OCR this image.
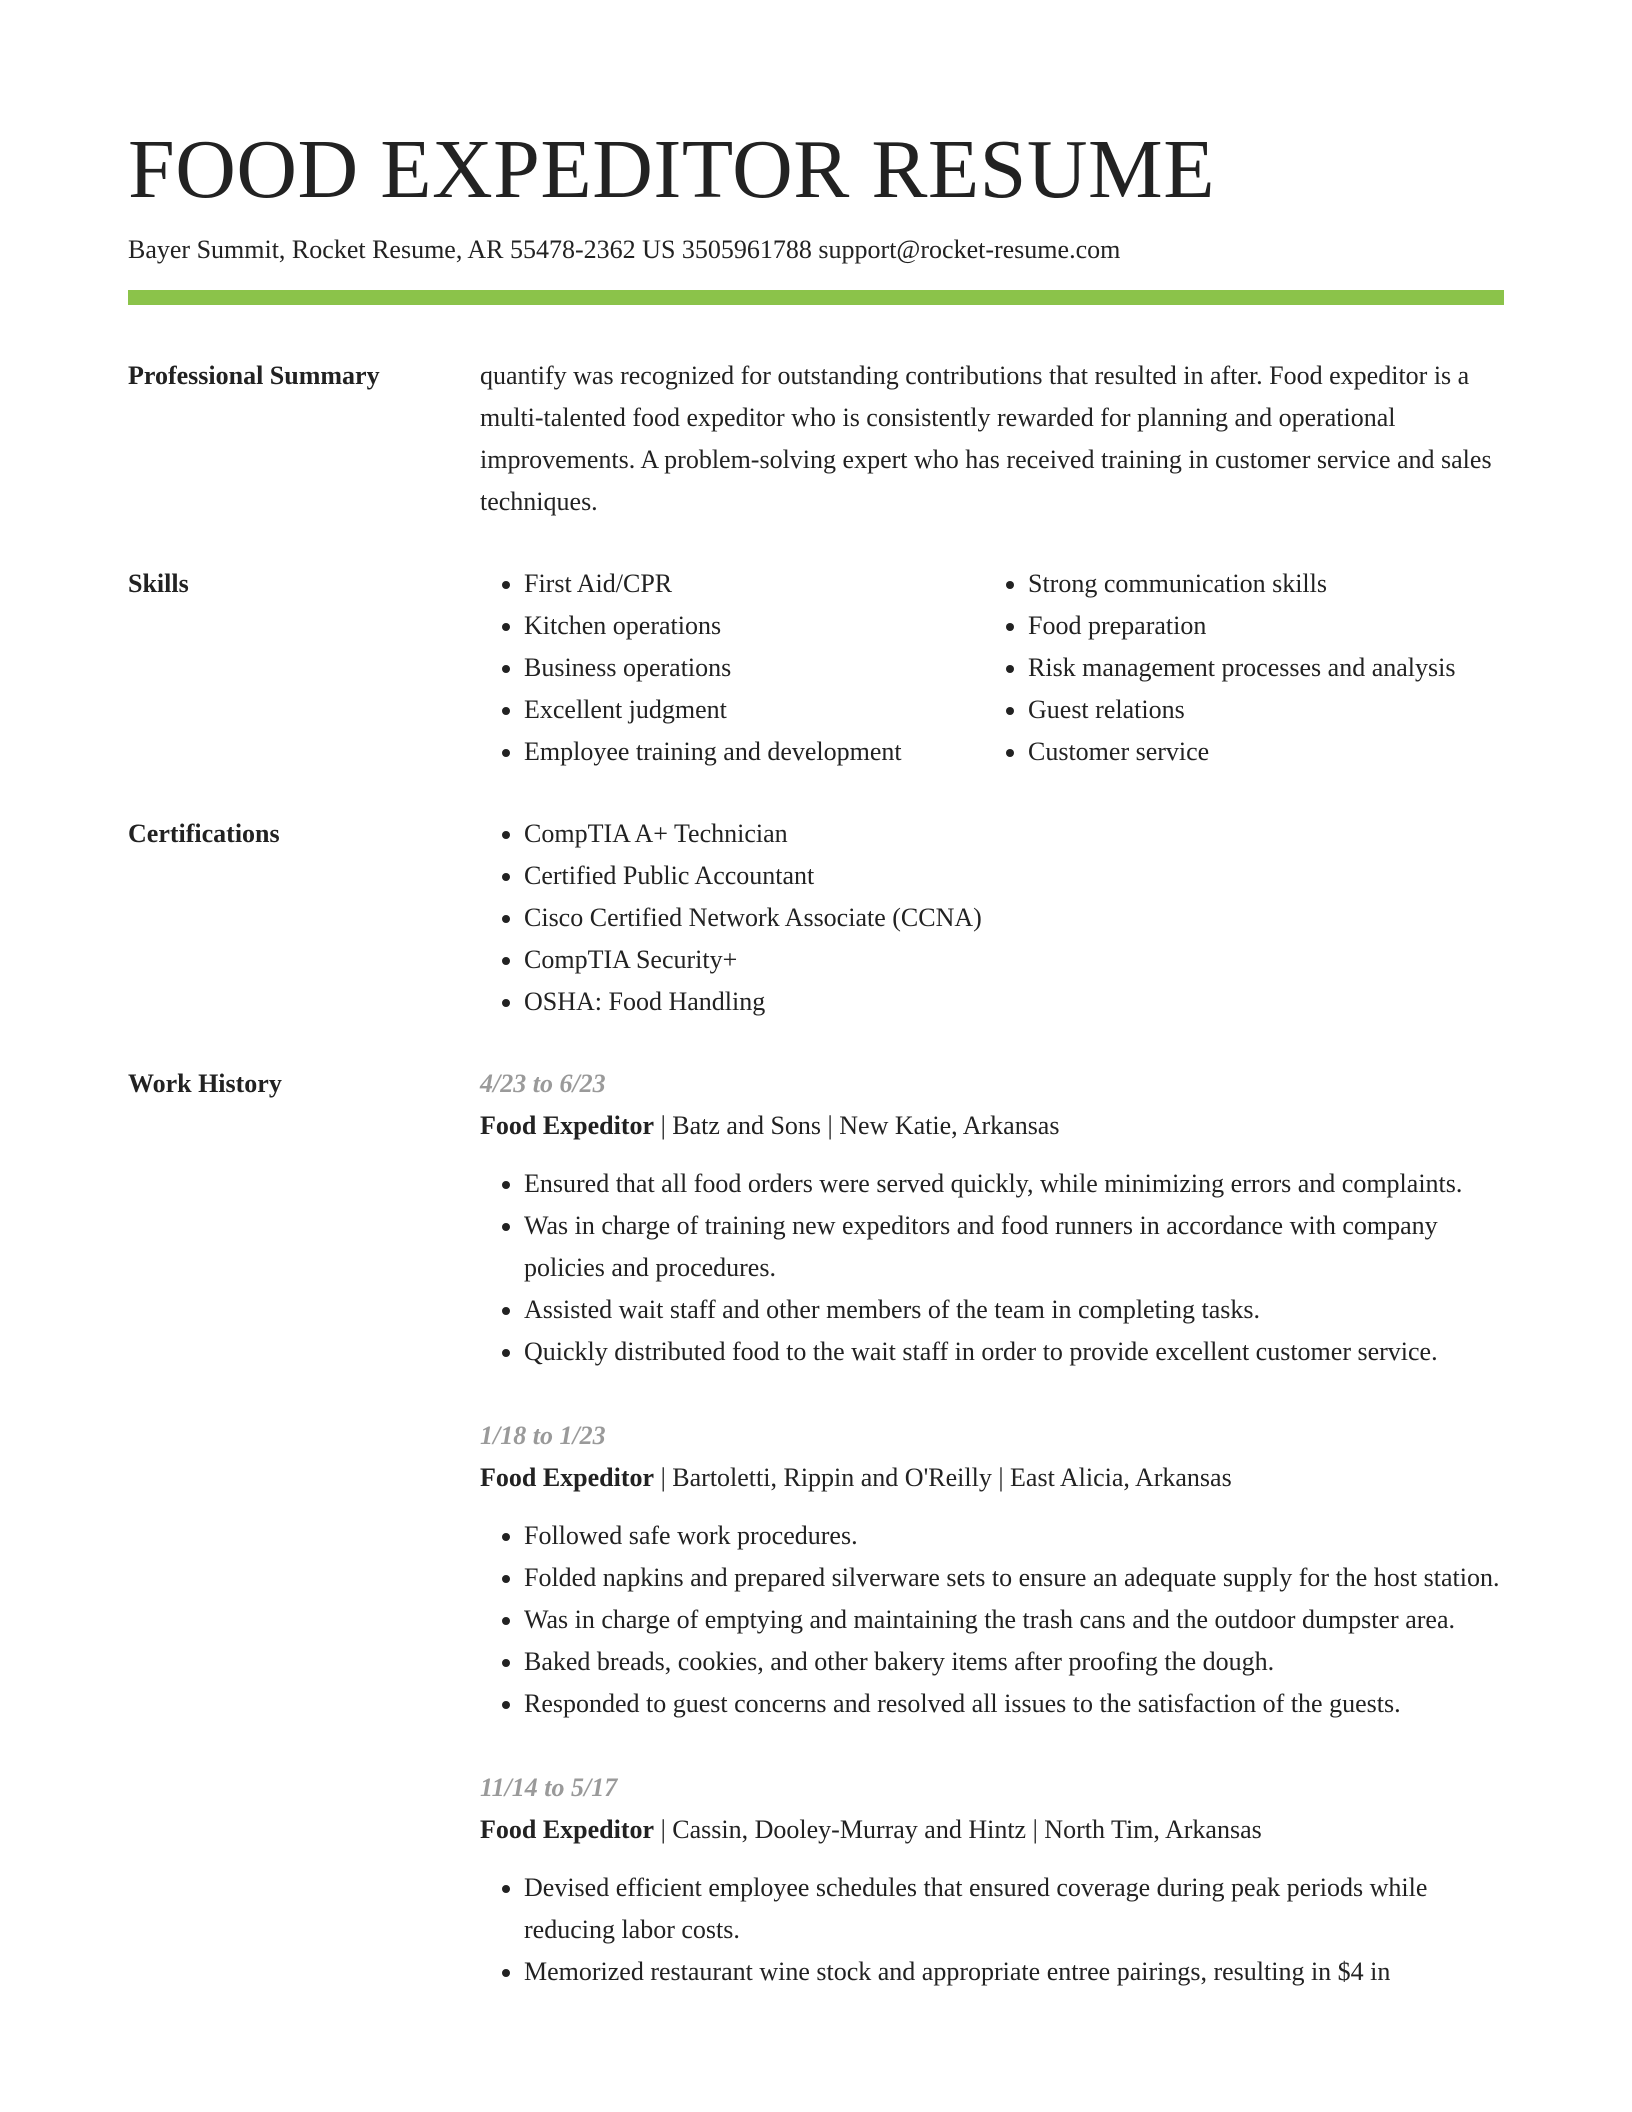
FOOD EXPEDITOR RESUME
Bayer Summit, Rocket Resume, AR 55478-2362 US 3505961788 support@rocket-resume.com
Professional Summary	quantify was recognized for outstanding contributions that resulted in after. Food expeditor is a multi-talented food expeditor who is consistently rewarded for planning and operational improvements. A problem-solving expert who has received training in customer service and sales techniques.

Skills	• First Aid/CPR
• Kitchen operations
• Business operations
• Excellent judgment
• Employee training and development
• Strong communication skills
• Food preparation
• Risk management processes and analysis
• Guest relations
• Customer service
Certifications	• CompTIA A+ Technician
• Certified Public Accountant
• Cisco Certified Network Associate (CCNA)
• CompTIA Security+
• OSHA: Food Handling
Work History	4/23 to 6/23
Food Expeditor | Batz and Sons | New Katie, Arkansas
• Ensured that all food orders were served quickly, while minimizing errors and complaints.
• Was in charge of training new expeditors and food runners in accordance with company policies and procedures.
• Assisted wait staff and other members of the team in completing tasks.
• Quickly distributed food to the wait staff in order to provide excellent customer service.
1/18 to 1/23
Food Expeditor | Bartoletti, Rippin and O'Reilly | East Alicia, Arkansas
• Followed safe work procedures.
• Folded napkins and prepared silverware sets to ensure an adequate supply for the host station.
• Was in charge of emptying and maintaining the trash cans and the outdoor dumpster area.
• Baked breads, cookies, and other bakery items after proofing the dough.
• Responded to guest concerns and resolved all issues to the satisfaction of the guests.
11/14 to 5/17
Food Expeditor | Cassin, Dooley-Murray and Hintz | North Tim, Arkansas
• Devised efficient employee schedules that ensured coverage during peak periods while reducing labor costs.
• Memorized restaurant wine stock and appropriate entree pairings, resulting in $4 in
